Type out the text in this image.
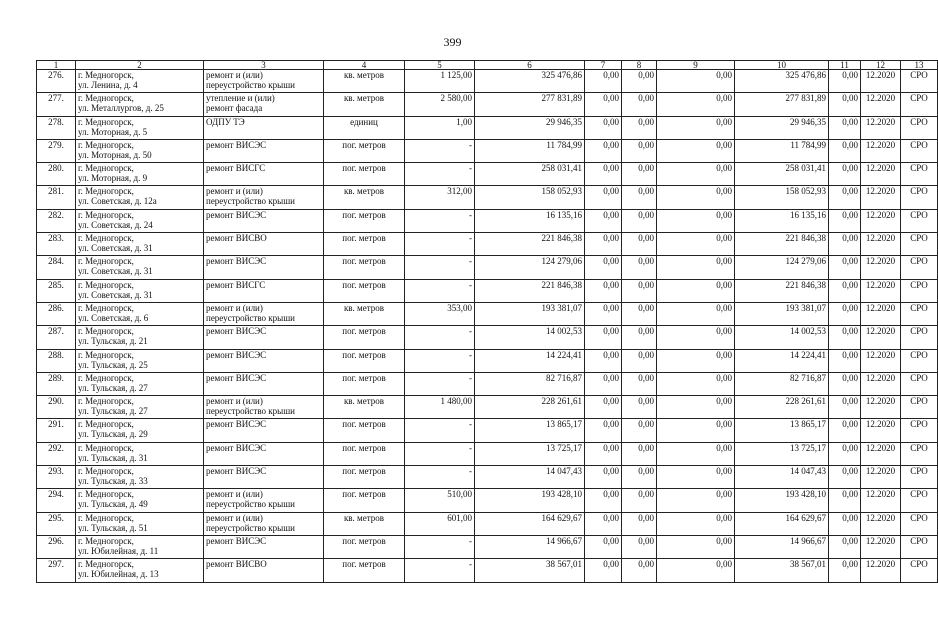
399
1	2	3	4	5	6	7	8	9	10	11	12	13
276.	г. Медногорск,
ул. Ленина, д. 4	ремонт и (или)
переустройство крыши	кв. метров	1 125,00	325 476,86	0,00	0,00	0,00	325 476,86	0,00	12.2020	СРО
277.	г. Медногорск,
ул. Металлургов, д. 25	утепление и (или)
ремонт фасада	кв. метров	2 580,00	277 831,89	0,00	0,00	0,00	277 831,89	0,00	12.2020	СРО
278.	г. Медногорск,
ул. Моторная, д. 5	ОДПУ ТЭ	единиц	1,00	29 946,35	0,00	0,00	0,00	29 946,35	0,00	12.2020	СРО
279.	г. Медногорск,
ул. Моторная, д. 50	ремонт ВИСЭС	пог. метров	-	11 784,99	0,00	0,00	0,00	11 784,99	0,00	12.2020	СРО
280.	г. Медногорск,
ул. Моторная, д. 9	ремонт ВИСГС	пог. метров	-	258 031,41	0,00	0,00	0,00	258 031,41	0,00	12.2020	СРО
281.	г. Медногорск,
ул. Советская, д. 12а	ремонт и (или)
переустройство крыши	кв. метров	312,00	158 052,93	0,00	0,00	0,00	158 052,93	0,00	12.2020	СРО
282.	г. Медногорск,
ул. Советская, д. 24	ремонт ВИСЭС	пог. метров	-	16 135,16	0,00	0,00	0,00	16 135,16	0,00	12.2020	СРО
283.	г. Медногорск,
ул. Советская, д. 31	ремонт ВИСВО	пог. метров	-	221 846,38	0,00	0,00	0,00	221 846,38	0,00	12.2020	СРО
284.	г. Медногорск,
ул. Советская, д. 31	ремонт ВИСЭС	пог. метров	-	124 279,06	0,00	0,00	0,00	124 279,06	0,00	12.2020	СРО
285.	г. Медногорск,
ул. Советская, д. 31	ремонт ВИСГС	пог. метров	-	221 846,38	0,00	0,00	0,00	221 846,38	0,00	12.2020	СРО
286.	г. Медногорск,
ул. Советская, д. 6	ремонт и (или)
переустройство крыши	кв. метров	353,00	193 381,07	0,00	0,00	0,00	193 381,07	0,00	12.2020	СРО
287.	г. Медногорск,
ул. Тульская, д. 21	ремонт ВИСЭС	пог. метров	-	14 002,53	0,00	0,00	0,00	14 002,53	0,00	12.2020	СРО
288.	г. Медногорск,
ул. Тульская, д. 25	ремонт ВИСЭС	пог. метров	-	14 224,41	0,00	0,00	0,00	14 224,41	0,00	12.2020	СРО
289.	г. Медногорск,
ул. Тульская, д. 27	ремонт ВИСЭС	пог. метров	-	82 716,87	0,00	0,00	0,00	82 716,87	0,00	12.2020	СРО
290.	г. Медногорск,
ул. Тульская, д. 27	ремонт и (или)
переустройство крыши	кв. метров	1 480,00	228 261,61	0,00	0,00	0,00	228 261,61	0,00	12.2020	СРО
291.	г. Медногорск,
ул. Тульская, д. 29	ремонт ВИСЭС	пог. метров	-	13 865,17	0,00	0,00	0,00	13 865,17	0,00	12.2020	СРО
292.	г. Медногорск,
ул. Тульская, д. 31	ремонт ВИСЭС	пог. метров	-	13 725,17	0,00	0,00	0,00	13 725,17	0,00	12.2020	СРО
293.	г. Медногорск,
ул. Тульская, д. 33	ремонт ВИСЭС	пог. метров	-	14 047,43	0,00	0,00	0,00	14 047,43	0,00	12.2020	СРО
294.	г. Медногорск,
ул. Тульская, д. 49	ремонт и (или)
переустройство крыши	пог. метров	510,00	193 428,10	0,00	0,00	0,00	193 428,10	0,00	12.2020	СРО
295.	г. Медногорск,
ул. Тульская, д. 51	ремонт и (или)
переустройство крыши	кв. метров	601,00	164 629,67	0,00	0,00	0,00	164 629,67	0,00	12.2020	СРО
296.	г. Медногорск,
ул. Юбилейная, д. 11	ремонт ВИСЭС	пог. метров	-	14 966,67	0,00	0,00	0,00	14 966,67	0,00	12.2020	СРО
297.	г. Медногорск,
ул. Юбилейная, д. 13	ремонт ВИСВО	пог. метров	-	38 567,01	0,00	0,00	0,00	38 567,01	0,00	12.2020	СРО
